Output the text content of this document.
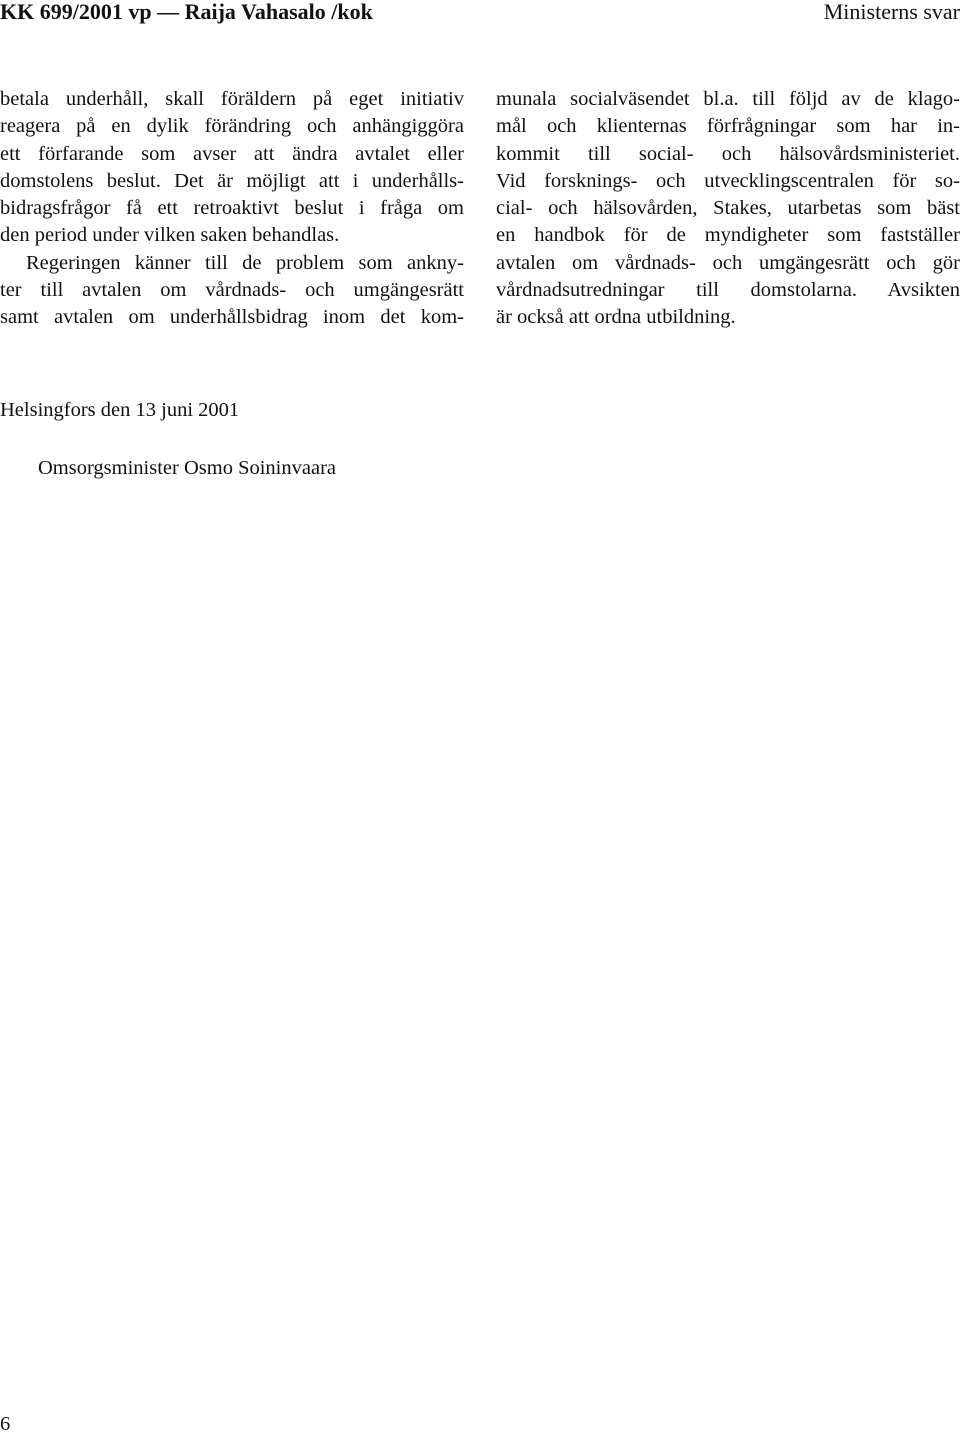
KK 699/2001 vp — Raija Vahasalo /kok	Ministerns svar

betala underhåll, skall föräldern på eget initiativ
reagera på en dylik förändring och anhängiggöra
ett förfarande som avser att ändra avtalet eller
domstolens beslut. Det är möjligt att i underhålls-
bidragsfrågor få ett retroaktivt beslut i fråga om
den period under vilken saken behandlas.

Regeringen känner till de problem som ankny-
ter till avtalen om vårdnads- och umgängesrätt
samt avtalen om underhållsbidrag inom det kom-

munala socialväsendet bl.a. till följd av de klago-
mål och klienternas förfrågningar som har in-
kommit till social- och hälsovårdsministeriet.
Vid forsknings- och utvecklingscentralen för so-
cial- och hälsovården, Stakes, utarbetas som bäst
en handbok för de myndigheter som fastställer
avtalen om vårdnads- och umgängesrätt och gör
vårdnadsutredningar till domstolarna. Avsikten
är också att ordna utbildning.

Helsingfors den 13 juni 2001
Omsorgsminister Osmo Soininvaara
6
